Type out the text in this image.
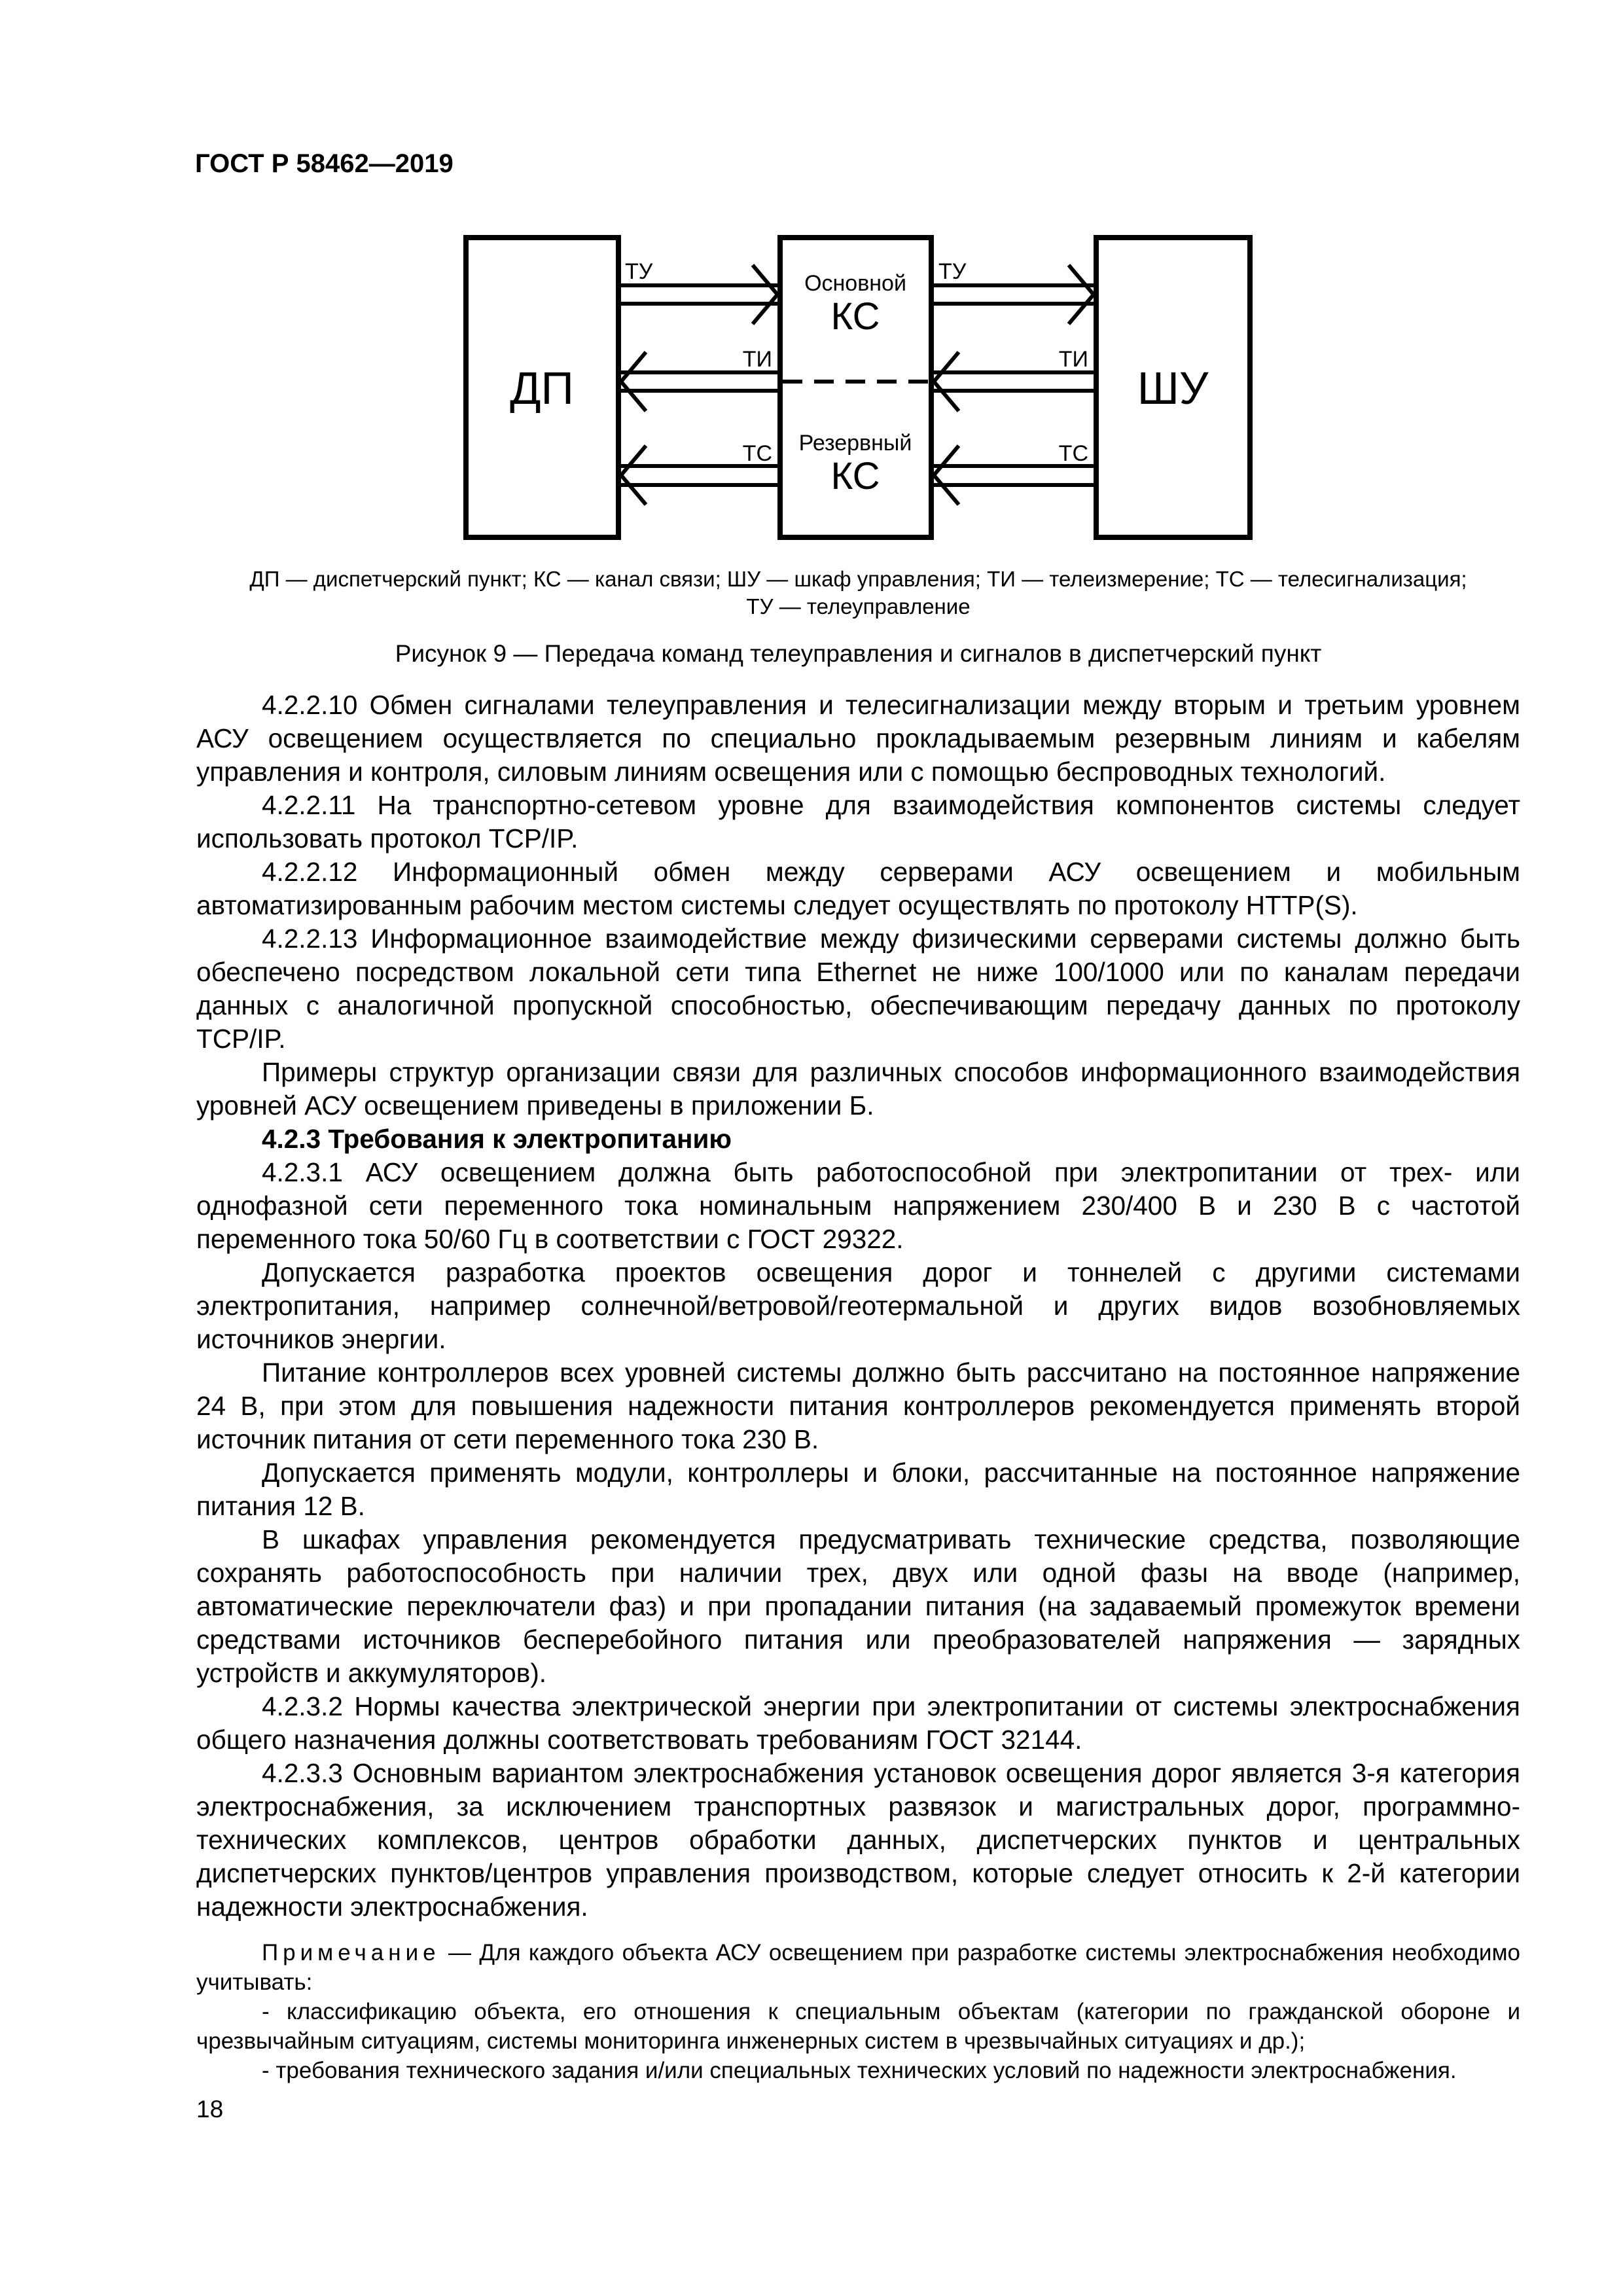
ГОСТ Р 58462—2019
ДП	ШУ
Основной
КС
Резервный
КС
ТУ	ТУ
ТИ	ТИ
ТС	ТС
ДП — диспетчерский пункт; КС — канал связи; ШУ — шкаф управления; ТИ — телеизмерение; ТС — телесигнализация;
ТУ — телеуправление
Рисунок 9 — Передача команд телеуправления и сигналов в диспетчерский пункт

4.2.2.10 Обмен сигналами телеуправления и телесигнализации между вторым и третьим уровнем АСУ освещением осуществляется по специально прокладываемым резервным линиям и кабелям управления и контроля, силовым линиям освещения или с помощью беспроводных технологий.

4.2.2.11 На транспортно-сетевом уровне для взаимодействия компонентов системы следует использовать протокол TCP/IP.

4.2.2.12 Информационный обмен между серверами АСУ освещением и мобильным автоматизированным рабочим местом системы следует осуществлять по протоколу HTTP(S).

4.2.2.13 Информационное взаимодействие между физическими серверами системы должно быть обеспечено посредством локальной сети типа Ethernet не ниже 100/1000 или по каналам передачи данных с аналогичной пропускной способностью, обеспечивающим передачу данных по протоколу TCP/IP.

Примеры структур организации связи для различных способов информационного взаимодействия уровней АСУ освещением приведены в приложении Б.

4.2.3 Требования к электропитанию

4.2.3.1 АСУ освещением должна быть работоспособной при электропитании от трех- или однофазной сети переменного тока номинальным напряжением 230/400 В и 230 В с частотой переменного тока 50/60 Гц в соответствии с ГОСТ 29322.

Допускается разработка проектов освещения дорог и тоннелей с другими системами электропитания, например солнечной/ветровой/геотермальной и других видов возобновляемых источников энергии.

Питание контроллеров всех уровней системы должно быть рассчитано на постоянное напряжение 24 В, при этом для повышения надежности питания контроллеров рекомендуется применять второй источник питания от сети переменного тока 230 В.

Допускается применять модули, контроллеры и блоки, рассчитанные на постоянное напряжение питания 12 В.

В шкафах управления рекомендуется предусматривать технические средства, позволяющие сохранять работоспособность при наличии трех, двух или одной фазы на вводе (например, автоматические переключатели фаз) и при пропадании питания (на задаваемый промежуток времени средствами источников бесперебойного питания или преобразователей напряжения — зарядных устройств и аккумуляторов).

4.2.3.2 Нормы качества электрической энергии при электропитании от системы электроснабжения общего назначения должны соответствовать требованиям ГОСТ 32144.

4.2.3.3 Основным вариантом электроснабжения установок освещения дорог является 3-я категория электроснабжения, за исключением транспортных развязок и магистральных дорог, программно-технических комплексов, центров обработки данных, диспетчерских пунктов и центральных диспетчерских пунктов/центров управления производством, которые следует относить к 2-й категории надежности электроснабжения.

Примечание — Для каждого объекта АСУ освещением при разработке системы электроснабжения необходимо учитывать:

- классификацию объекта, его отношения к специальным объектам (категории по гражданской обороне и чрезвычайным ситуациям, системы мониторинга инженерных систем в чрезвычайных ситуациях и др.);

- требования технического задания и/или специальных технических условий по надежности электроснабжения.

18
